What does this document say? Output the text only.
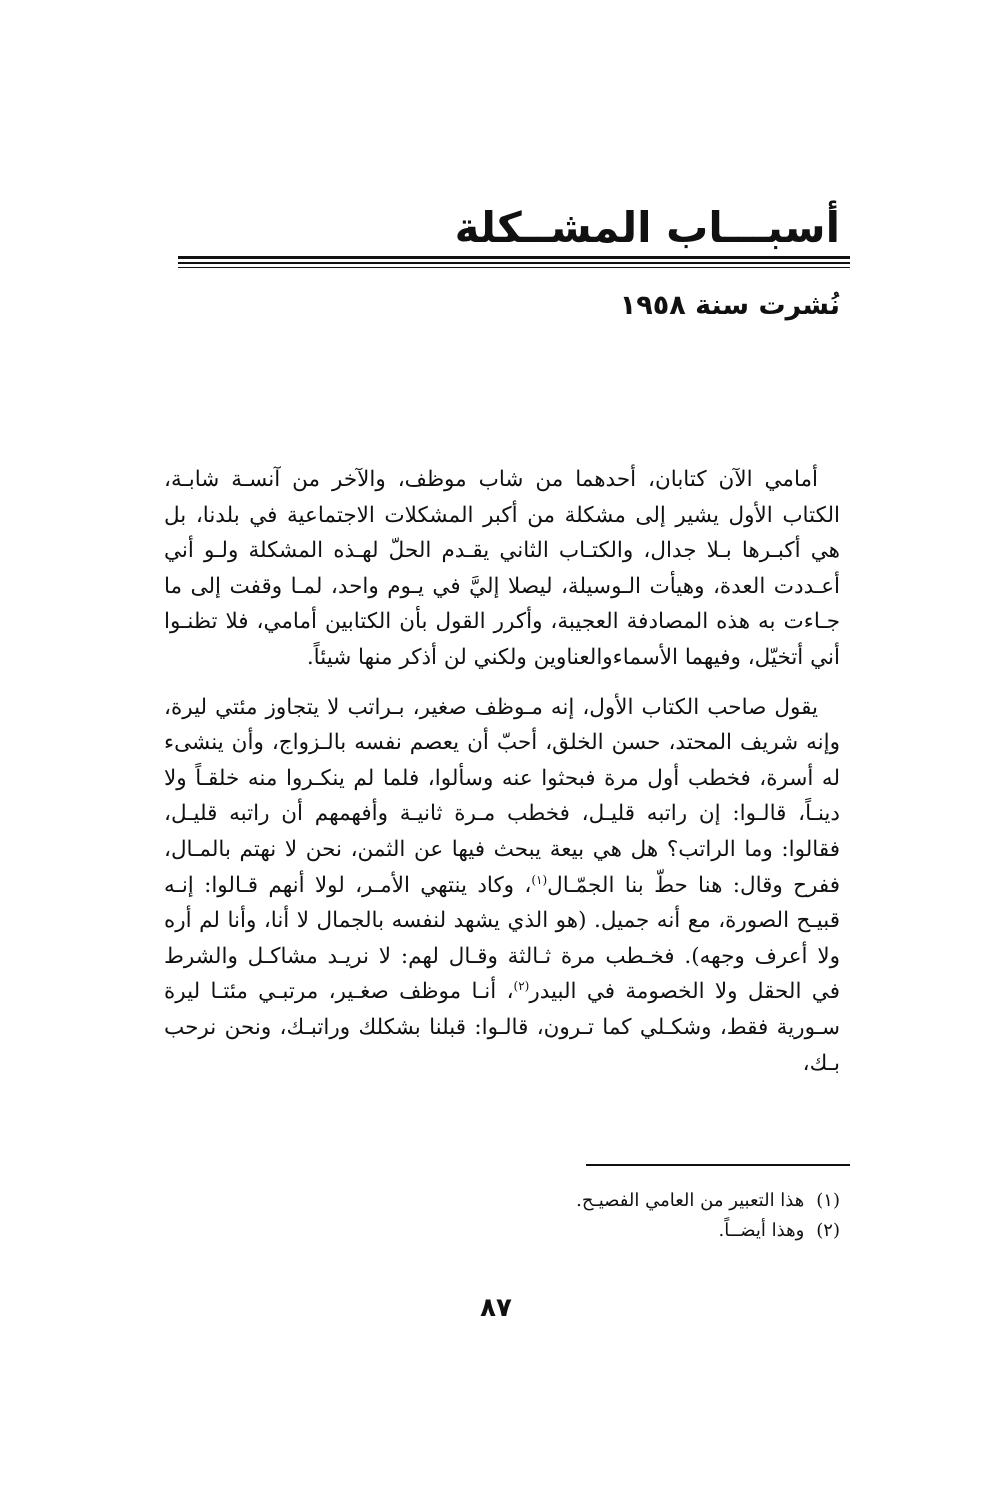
أسبـــاب المشــكلة
نُشرت سنة ١٩٥٨

أمامي الآن كتابان، أحدهما من شاب موظف، والآخر من آنسـة شابـة، الكتاب الأول يشير إلى مشكلة من أكبر المشكلات الاجتماعية في بلدنا، بل هي أكبـرها بـلا جدال، والكتـاب الثاني يقـدم الحلّ لهـذه المشكلة ولـو أني أعـددت العدة، وهيأت الـوسيلة، ليصلا إليَّ في يـوم واحد، لمـا وقفت إلى ما جـاءت به هذه المصادفة العجيبة، وأكرر القول بأن الكتابين أمامي، فلا تظنـوا أني أتخيّل، وفيهما الأسماءوالعناوين ولكني لن أذكر منها شيئاً.

يقول صاحب الكتاب الأول، إنه مـوظف صغير، بـراتب لا يتجاوز مئتي ليرة، وإنه شريف المحتد، حسن الخلق، أحبّ أن يعصم نفسه بالـزواج، وأن ينشىء له أسرة، فخطب أول مرة فبحثوا عنه وسألوا، فلما لم ينكـروا منه خلقـاً ولا دينـاً، قالـوا: إن راتبه قليـل، فخطب مـرة ثانيـة وأفهمهم أن راتبه قليـل، فقالوا: وما الراتب؟ هل هي بيعة يبحث فيها عن الثمن، نحن لا نهتم بالمـال، ففرح وقال: هنا حطّ بنا الجمّـال$^{(١)}$، وكاد ينتهي الأمـر، لولا أنهم قـالوا: إنـه قبيـح الصورة، مع أنه جميل. (هو الذي يشهد لنفسه بالجمال لا أنا، وأنا لم أره ولا أعرف وجهه). فخـطب مرة ثـالثة وقـال لهم: لا نريـد مشاكـل والشرط في الحقل ولا الخصومة في البيدر$^{(٢)}$، أنـا موظف صغـير، مرتبـي مئتـا ليرة سـورية فقط، وشكـلي كما تـرون، قالـوا: قبلنا بشكلك وراتبـك، ونحن نرحب بـك،

(١)هذا التعبير من العامي الفصيـح.

(٢)وهذا أيضــاً.

٨٧
